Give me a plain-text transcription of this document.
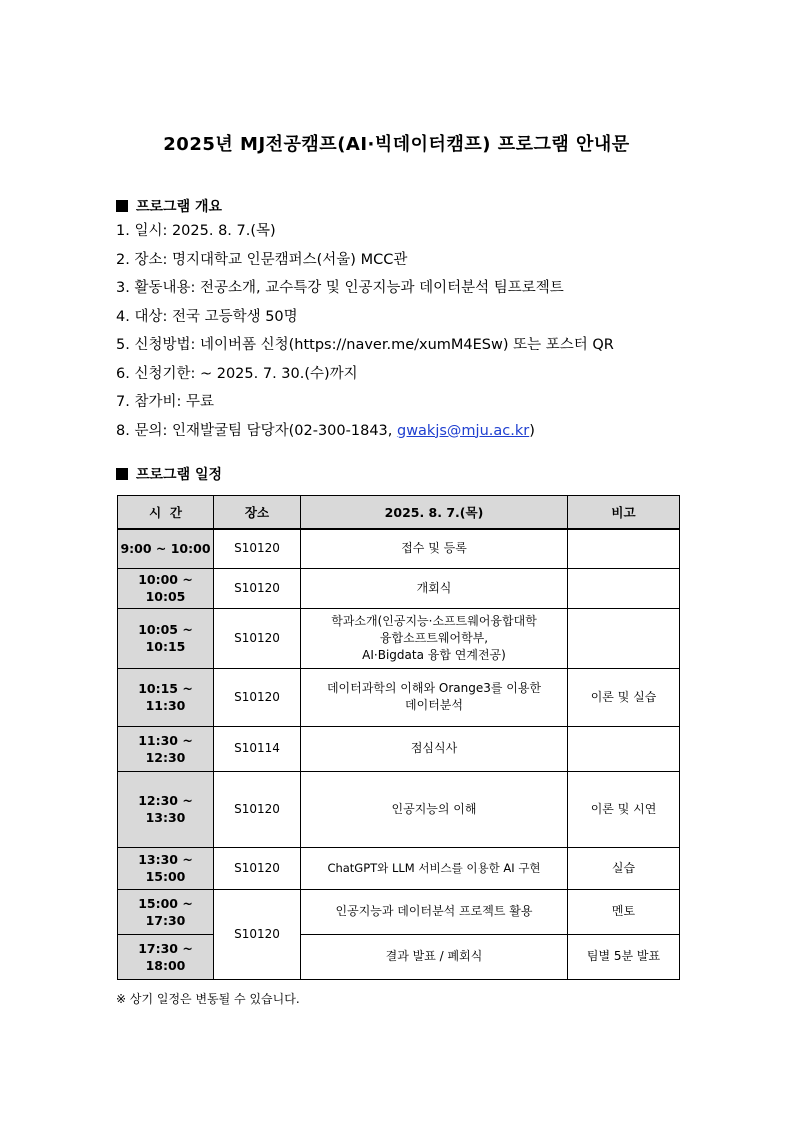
2025년 MJ전공캠프(AI·빅데이터캠프) 프로그램 안내문
프로그램 개요
1. 일시: 2025. 8. 7.(목)
2. 장소: 명지대학교 인문캠퍼스(서울) MCC관
3. 활동내용: 전공소개, 교수특강 및 인공지능과 데이터분석 팀프로젝트
4. 대상: 전국 고등학생 50명
5. 신청방법: 네이버폼 신청(https://naver.me/xumM4ESw) 또는 포스터 QR
6. 신청기한: ~ 2025. 7. 30.(수)까지
7. 참가비: 무료
8. 문의: 인재발굴팀 담당자(02-300-1843, gwakjs@mju.ac.kr)
프로그램 일정
시  간	장소	2025. 8. 7.(목)	비고
9:00 ~ 10:00	S10120	접수 및 등록	
10:00 ~ 10:05	S10120	개회식	
10:05 ~ 10:15	S10120	학과소개(인공지능·소프트웨어융합대학
융합소프트웨어학부,
AI·Bigdata 융합 연계전공)	

10:15 ~ 11:30	S10120	데이터과학의 이해와 Orange3를 이용한
데이터분석	이론 및 실습
11:30 ~ 12:30	S10114	점심식사	
12:30 ~ 13:30	S10120	인공지능의 이해	이론 및 시연
13:30 ~ 15:00	S10120	ChatGPT와 LLM 서비스를 이용한 AI 구현	실습
15:00 ~ 17:30	S10120	인공지능과 데이터분석 프로젝트 활용	멘토
17:30 ~ 18:00		결과 발표 / 폐회식	팀별 5분 발표
※ 상기 일정은 변동될 수 있습니다.
